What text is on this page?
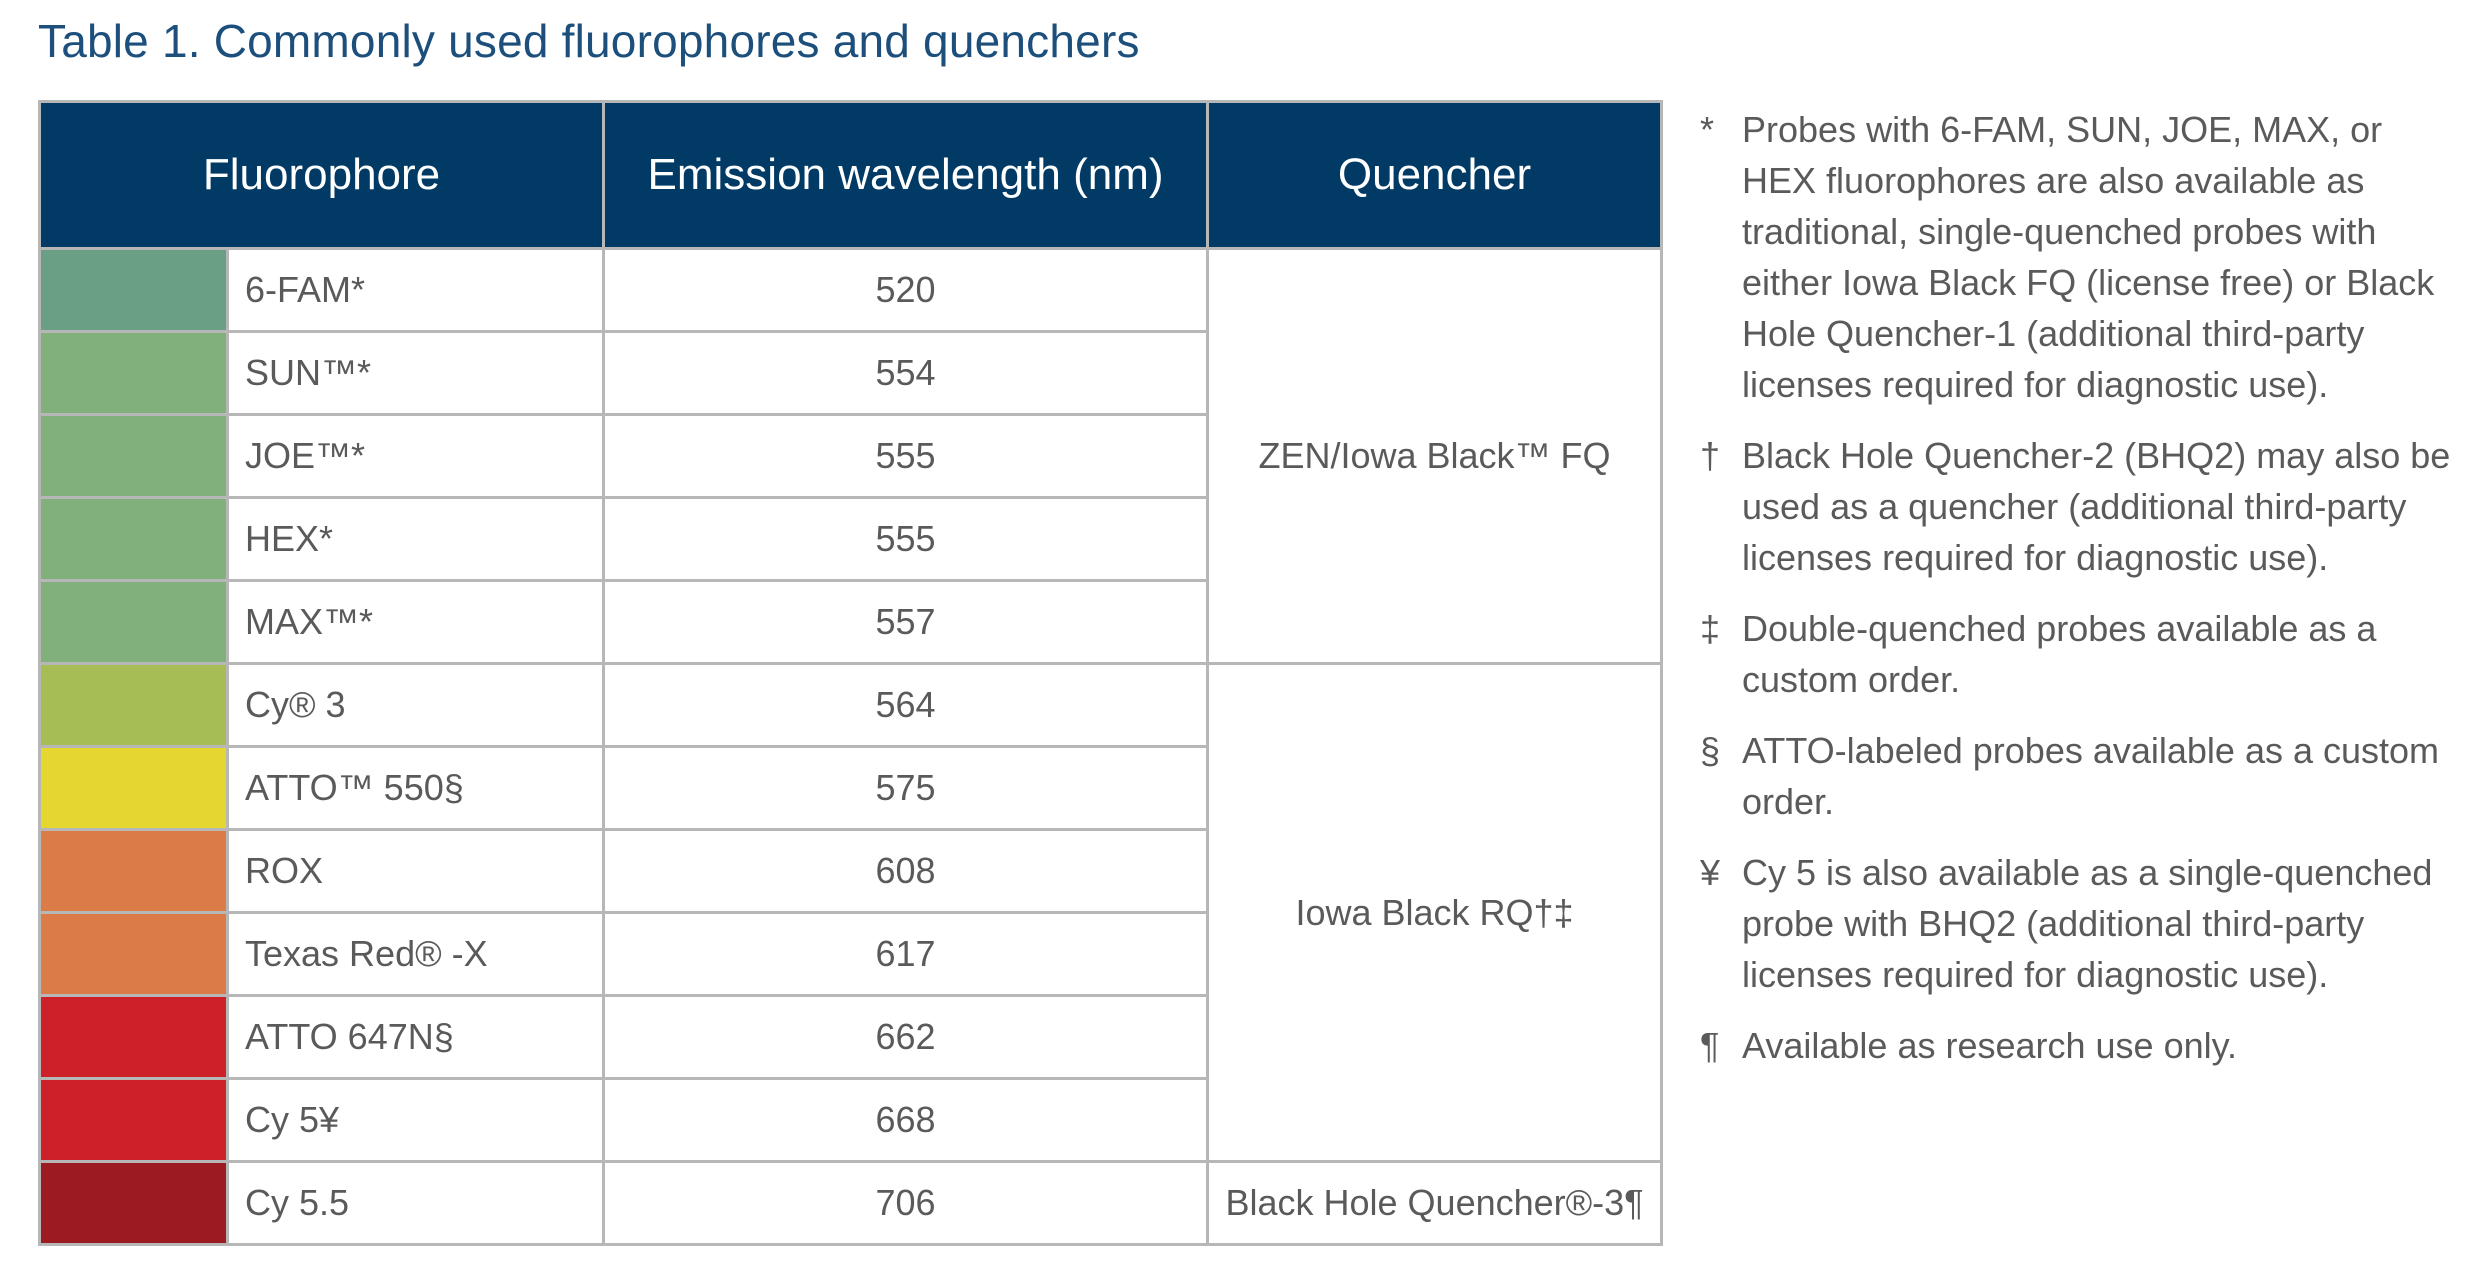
Table 1. Commonly used fluorophores and quenchers
Fluorophore		Emission wavelength (nm)	Quencher
	6-FAM*	520	ZEN/Iowa Black™ FQ
	SUN™*	554	
	JOE™*	555	
	HEX*	555	
	MAX™*	557	
	Cy® 3	564	Iowa Black RQ†‡
	ATTO™ 550§	575	
	ROX	608	
	Texas Red® -X	617	
	ATTO 647N§	662	
	Cy 5¥	668	
	Cy 5.5	706	Black Hole Quencher®-3¶
* Probes with 6-FAM, SUN, JOE, MAX, or HEX fluorophores are also available as traditional, single-quenched probes with either Iowa Black FQ (license free) or Black Hole Quencher-1 (additional third-party licenses required for diagnostic use).
† Black Hole Quencher-2 (BHQ2) may also be used as a quencher (additional third-party licenses required for diagnostic use).
‡ Double-quenched probes available as a custom order.
§ ATTO-labeled probes available as a custom order.
¥ Cy 5 is also available as a single-quenched probe with BHQ2 (additional third-party licenses required for diagnostic use).
¶ Available as research use only.
